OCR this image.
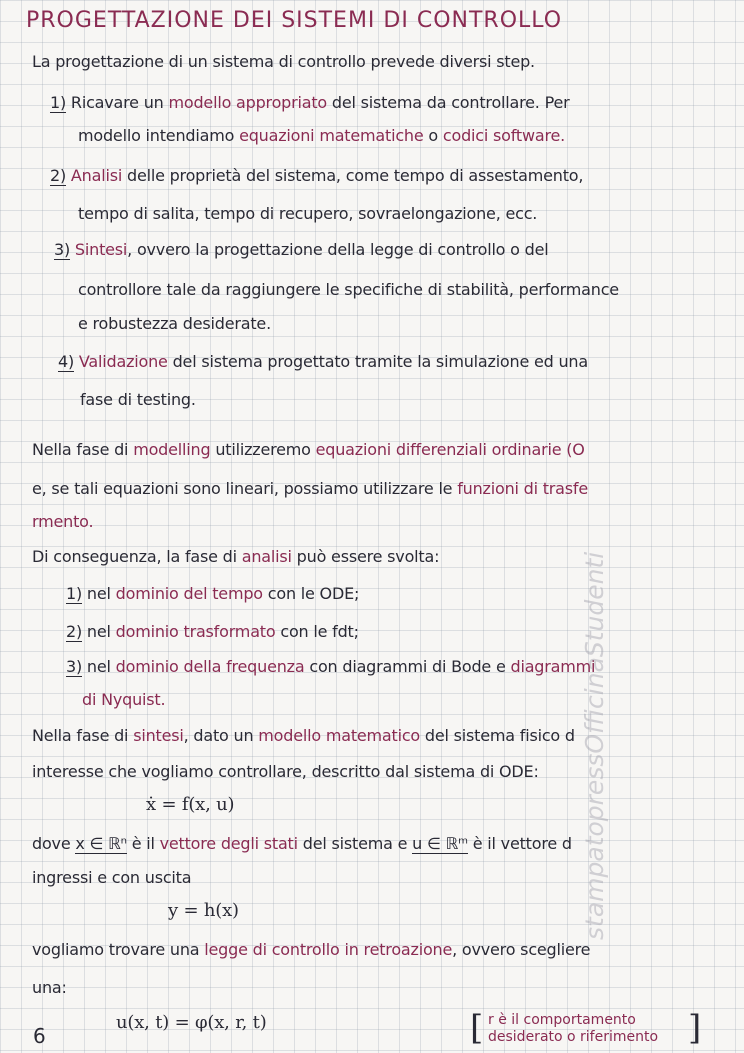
PROGETTAZIONE DEI SISTEMI DI CONTROLLO
La progettazione di un sistema di controllo prevede diversi step.
1) Ricavare un modello appropriato del sistema da controllare. Per
modello intendiamo equazioni matematiche o codici software.
2) Analisi delle proprietà del sistema, come tempo di assestamento,
tempo di salita, tempo di recupero, sovraelongazione, ecc.
3) Sintesi, ovvero la progettazione della legge di controllo o del
controllore tale da raggiungere le specifiche di stabilità, performance
e robustezza desiderate.
4) Validazione del sistema progettato tramite la simulazione ed una
fase di testing.
Nella fase di modelling utilizzeremo equazioni differenziali ordinarie (O
e, se tali equazioni sono lineari, possiamo utilizzare le funzioni di trasfe
rmento.
Di conseguenza, la fase di analisi può essere svolta:
1) nel dominio del tempo con le ODE;
2) nel dominio trasformato con le fdt;
3) nel dominio della frequenza con diagrammi di Bode e diagrammi
di Nyquist.
Nella fase di sintesi, dato un modello matematico del sistema fisico d
interesse che vogliamo controllare, descritto dal sistema di ODE:
ẋ = f(x, u)
dove x ∈ ℝⁿ è il vettore degli stati del sistema e u ∈ ℝᵐ è il vettore d
ingressi e con uscita
y = h(x)
vogliamo trovare una legge di controllo in retroazione, ovvero scegliere
una:
u(x, t) = φ(x, r, t)	[ r è il comportamento
desiderato o riferimento ]
6
stampatopressOfficinaStudenti
